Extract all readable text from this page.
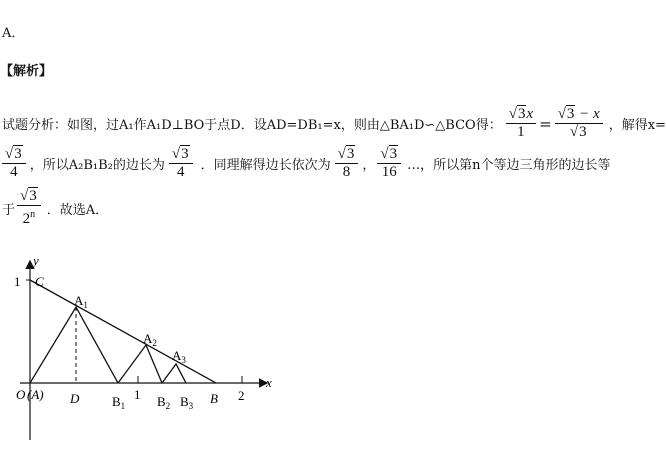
A．
【解析】
试题分析：如图，过A₁作A₁D⊥BO于点D．设AD=DB₁=x，则由△BA₁D∽△BCO得： $\frac{√3x}{1} = \frac{√3 - x}{√3}$ ，解得x=
$\frac{√3}{4}$ ，所以A₂B₁B₂的边长为 $\frac{√3}{4}$ ．同理解得边长依次为 $\frac{√3}{8}$ ， $\frac{√3}{16}$ …，所以第n个等边三角形的边长等
于 $\frac{√3}{2^n}$ ．故选A．
y
x
1 C
$A_1$
$A_2$
$A_3$
O (A) D	$B_1$
1 $B_2$ $B_3$ B 2
